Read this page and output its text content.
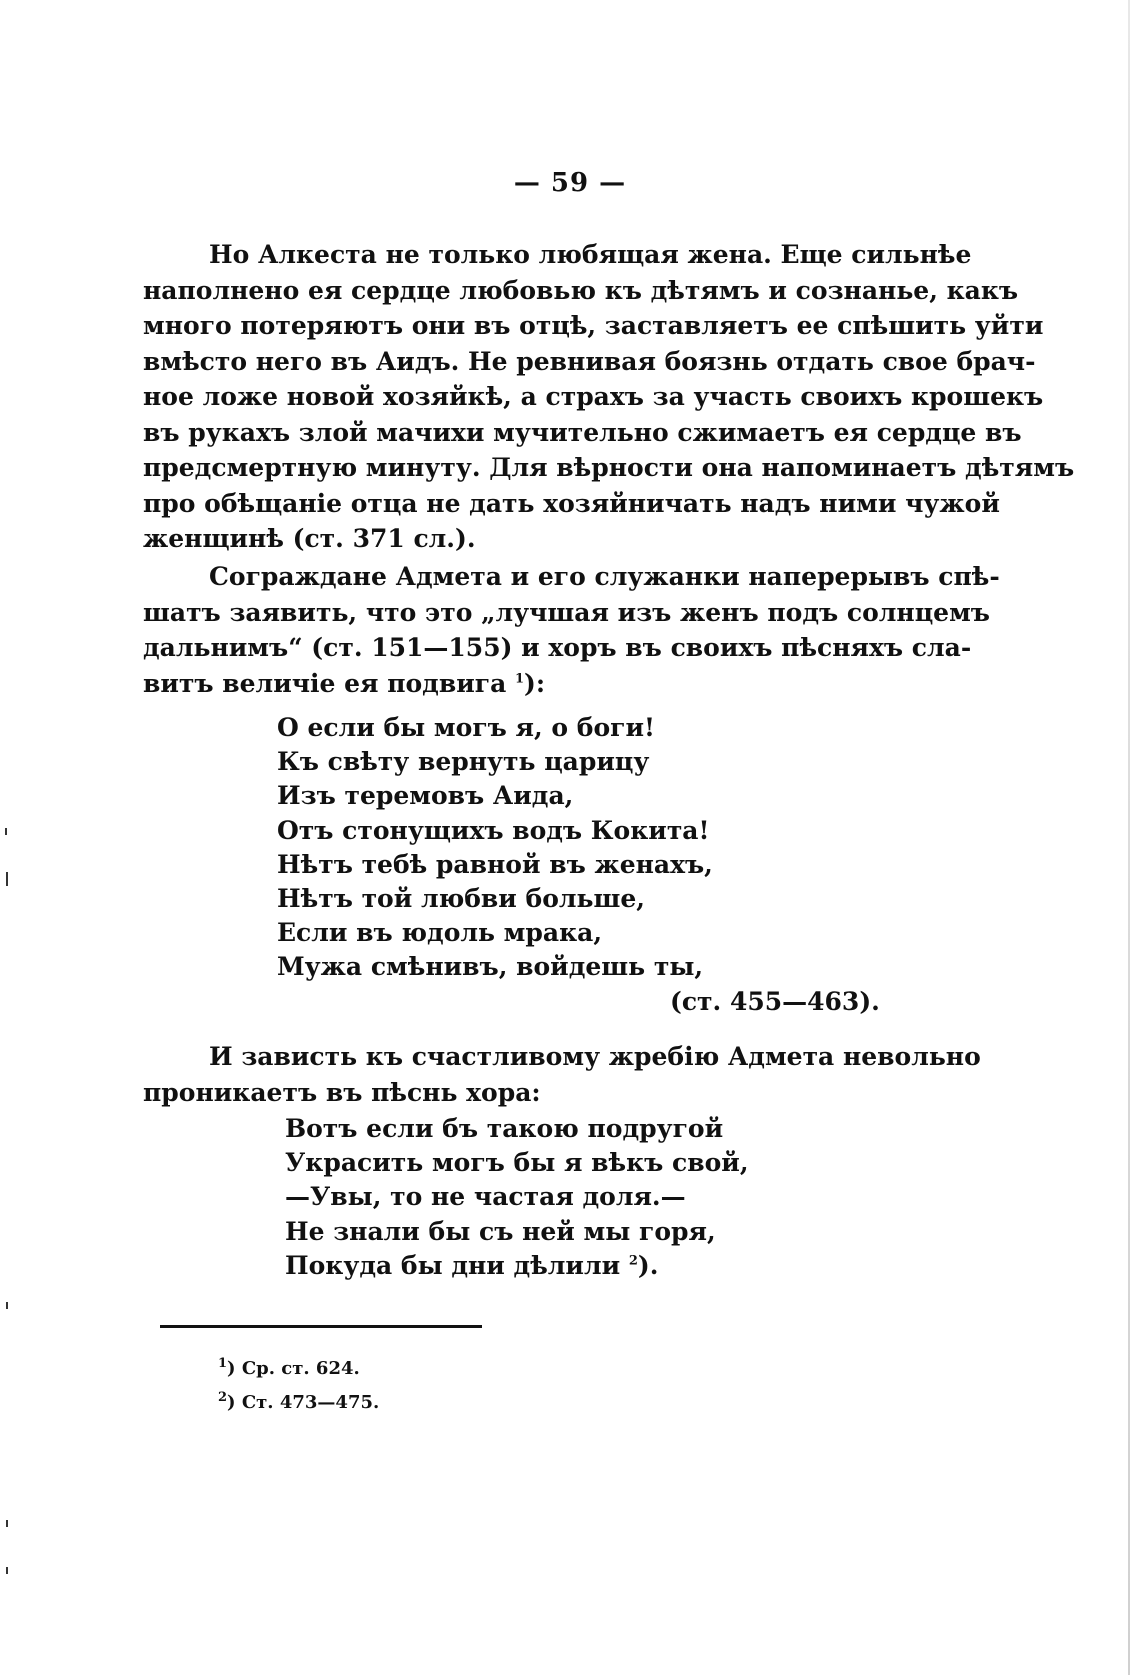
— 59 —
Но Алкеста не только любящая жена. Еще сильнѣе
наполнено ея сердце любовью къ дѣтямъ и сознанье, какъ
много потеряютъ они въ отцѣ, заставляетъ ее спѣшить уйти
вмѣсто него въ Аидъ. Не ревнивая боязнь отдать свое брач-
ное ложе новой хозяйкѣ, а страхъ за участь своихъ крошекъ
въ рукахъ злой мачихи мучительно сжимаетъ ея сердце въ
предсмертную минуту. Для вѣрности она напоминаетъ дѣтямъ
про обѣщаніе отца не дать хозяйничать надъ ними чужой
женщинѣ (ст. 371 сл.).
Сограждане Адмета и его служанки наперерывъ спѣ-
шатъ заявить, что это „лучшая изъ женъ подъ солнцемъ
дальнимъ“ (ст. 151—155) и хоръ въ своихъ пѣсняхъ сла-
витъ величіе ея подвига $^1$):
О если бы могъ я, о боги!
Къ свѣту вернуть царицу
Изъ теремовъ Аида,
Отъ стонущихъ водъ Кокита!
Нѣтъ тебѣ равной въ женахъ,
Нѣтъ той любви больше,
Если въ юдоль мрака,
Мужа смѣнивъ, войдешь ты,
(ст. 455—463).
И зависть къ счастливому жребію Адмета невольно
проникаетъ въ пѣснь хора:
Вотъ если бъ такою подругой
Украсить могъ бы я вѣкъ свой,
—Увы, то не частая доля.—
Не знали бы съ ней мы горя,
Покуда бы дни дѣлили $^2$).
$^1$) Ср. ст. 624.
$^2$) Ст. 473—475.
